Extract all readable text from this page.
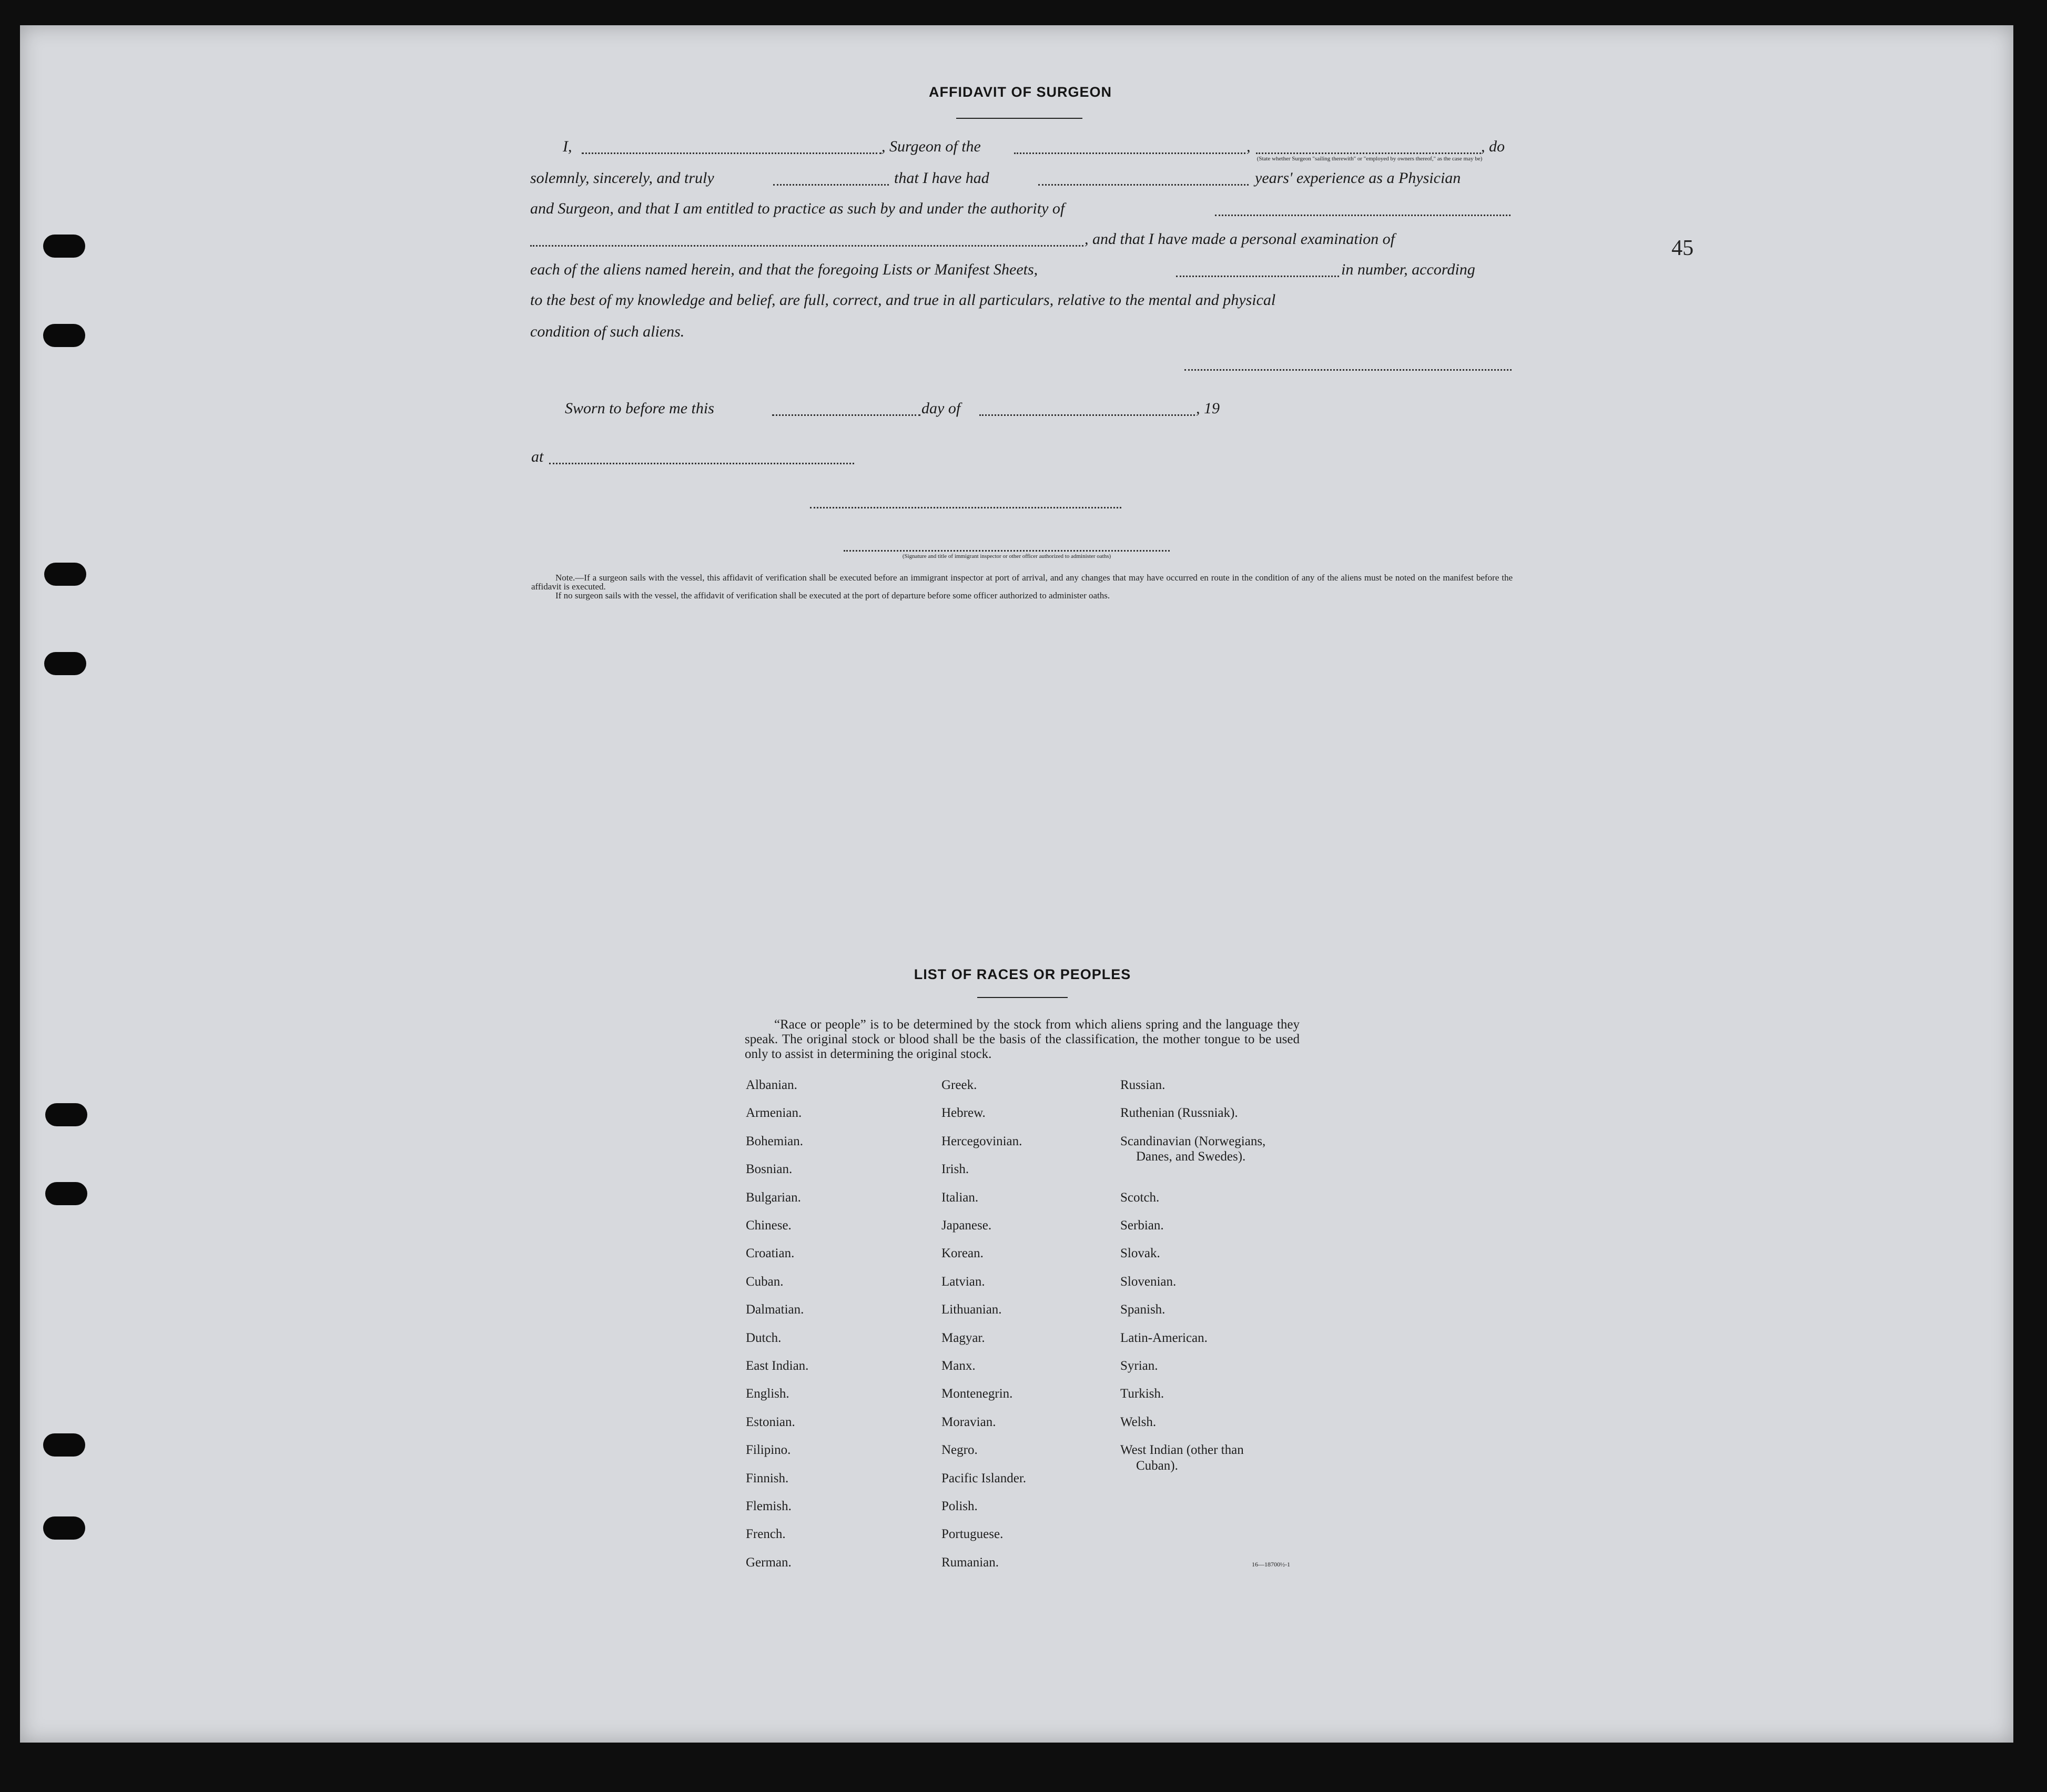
45
AFFIDAVIT OF SURGEON
I,	, Surgeon of the	,	, do
(State whether Surgeon "sailing therewith" or "employed by owners thereof," as the case may be)
solemnly, sincerely, and truly	that I have had	years' experience as a Physician
and Surgeon, and that I am entitled to practice as such by and under the authority of
, and that I have made a personal examination of
each of the aliens named herein, and that the foregoing Lists or Manifest Sheets,	in number, according
to the best of my knowledge and belief, are full, correct, and true in all particulars, relative to the mental and physical
condition of such aliens.
Sworn to before me this	day of	, 19
at
(Signature and title of immigrant inspector or other officer authorized to administer oaths)
Note.—If a surgeon sails with the vessel, this affidavit of verification shall be executed before an immigrant inspector at port of arrival, and any changes that may have occurred en route in the condition of any of the aliens must be noted on the manifest before the affidavit is executed.
If no surgeon sails with the vessel, the affidavit of verification shall be executed at the port of departure before some officer authorized to administer oaths.
LIST OF RACES OR PEOPLES
“Race or people” is to be determined by the stock from which aliens spring and the language they speak. The original stock or blood shall be the basis of the classification, the mother tongue to be used only to assist in determining the original stock.
Albanian.
Armenian.
Bohemian.
Bosnian.
Bulgarian.
Chinese.
Croatian.
Cuban.
Dalmatian.
Dutch.
East Indian.
English.
Estonian.
Filipino.
Finnish.
Flemish.
French.
German.
Greek.
Hebrew.
Hercegovinian.
Irish.
Italian.
Japanese.
Korean.
Latvian.
Lithuanian.
Magyar.
Manx.
Montenegrin.
Moravian.
Negro.
Pacific Islander.
Polish.
Portuguese.
Rumanian.
Russian.
Ruthenian (Russniak).
Scandinavian (Norwegians,
Danes, and Swedes).
Scotch.
Serbian.
Slovak.
Slovenian.
Spanish.
Latin-American.
Syrian.
Turkish.
Welsh.
West Indian (other than
Cuban).
16—18700½-1
